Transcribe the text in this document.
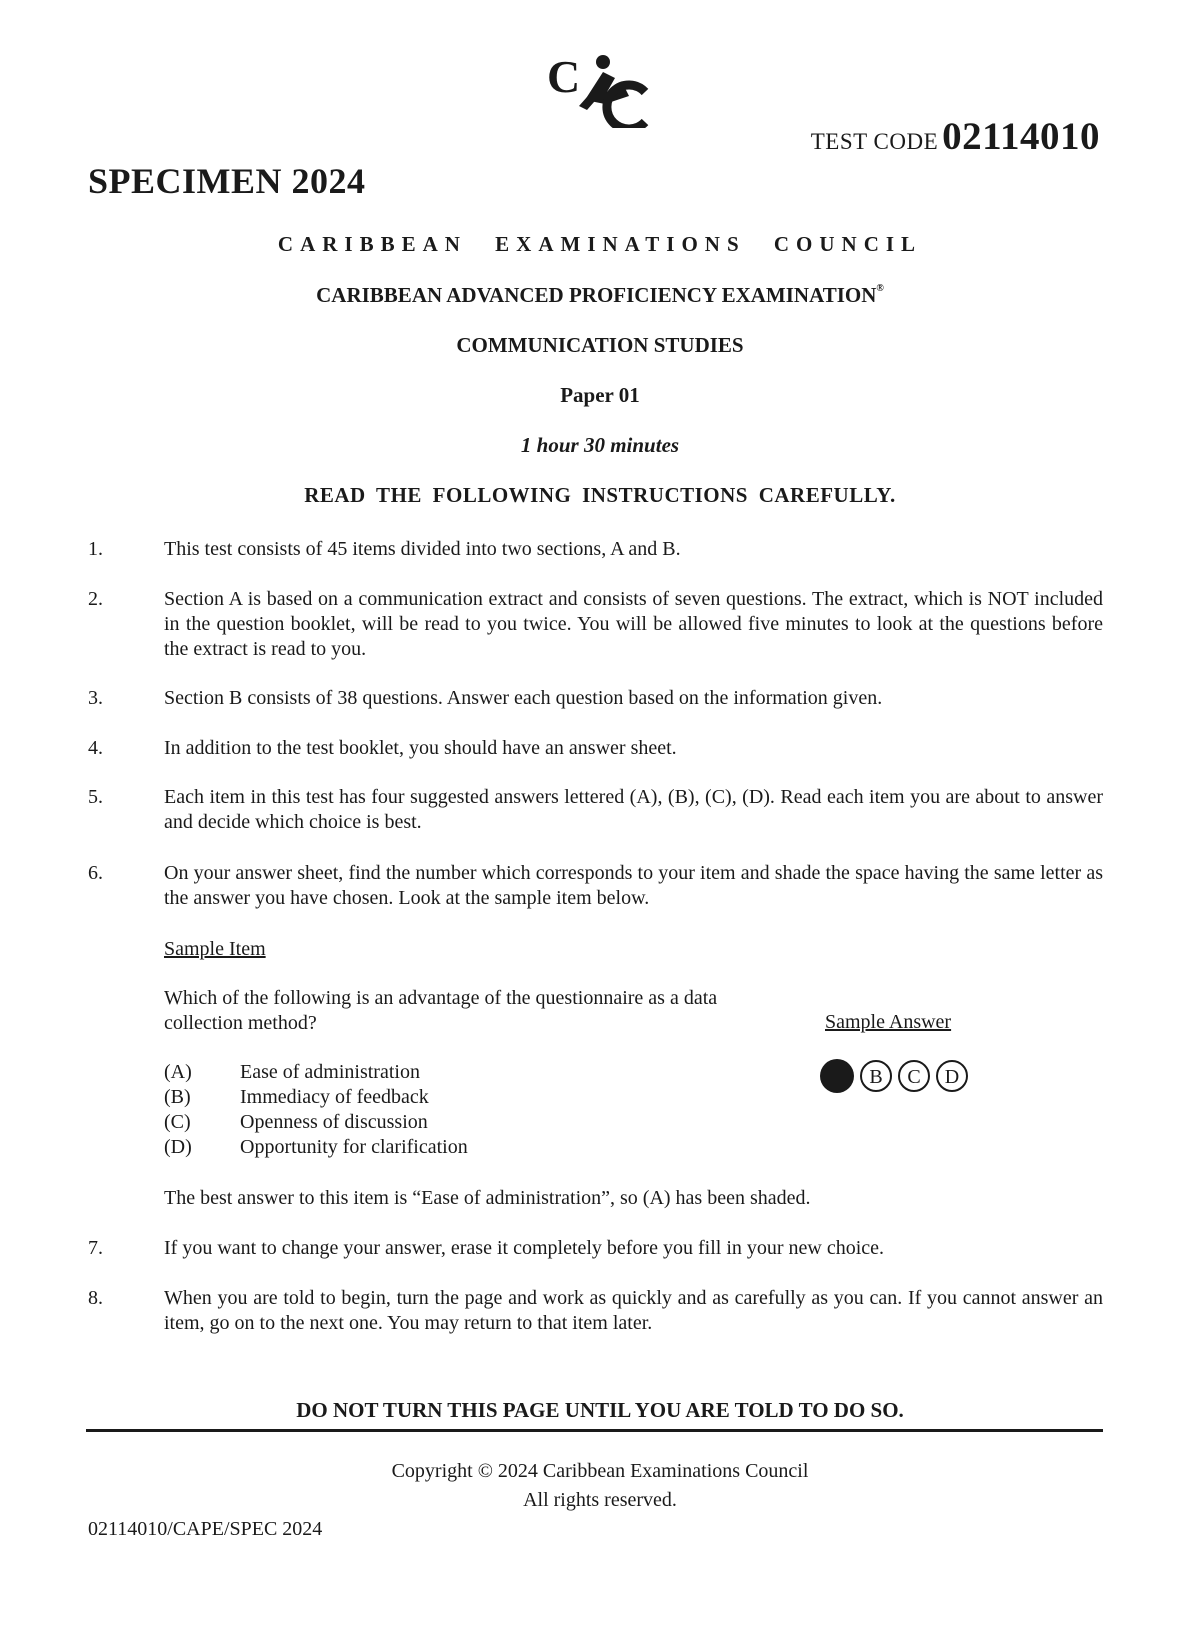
C
TEST CODE 02114010
SPECIMEN 2024
CARIBBEAN EXAMINATIONS COUNCIL
CARIBBEAN ADVANCED PROFICIENCY EXAMINATION®
COMMUNICATION STUDIES
Paper 01
1 hour 30 minutes
READ THE FOLLOWING INSTRUCTIONS CAREFULLY.
1.	This test consists of 45 items divided into two sections, A and B.
2.	Section A is based on a communication extract and consists of seven questions. The extract, which is NOT included in the question booklet, will be read to you twice. You will be allowed five minutes to look at the questions before the extract is read to you.
3.	Section B consists of 38 questions. Answer each question based on the information given.
4.	In addition to the test booklet, you should have an answer sheet.
5.	Each item in this test has four suggested answers lettered (A), (B), (C), (D). Read each item you are about to answer and decide which choice is best.
6.	On your answer sheet, find the number which corresponds to your item and shade the space having the same letter as the answer you have chosen. Look at the sample item below.
Sample Item
Which of the following is an advantage of the questionnaire as a data collection method?
(A)	Ease of administration
(B)	Immediacy of feedback
(C)	Openness of discussion
(D)	Opportunity for clarification
Sample Answer
B C D
The best answer to this item is “Ease of administration”, so (A) has been shaded.
7.	If you want to change your answer, erase it completely before you fill in your new choice.
8.	When you are told to begin, turn the page and work as quickly and as carefully as you can. If you cannot answer an item, go on to the next one. You may return to that item later.
DO NOT TURN THIS PAGE UNTIL YOU ARE TOLD TO DO SO.
Copyright © 2024 Caribbean Examinations Council
All rights reserved.
02114010/CAPE/SPEC 2024
